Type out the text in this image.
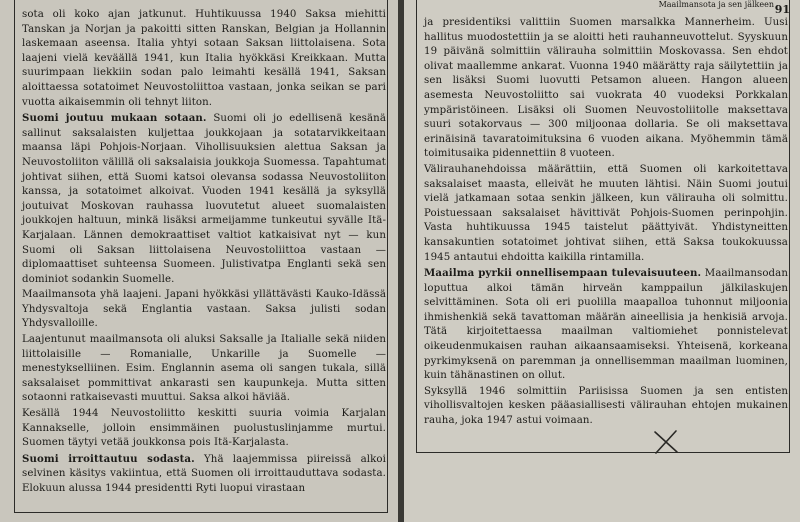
sota oli koko ajan jatkunut. Huhtikuussa 1940 Saksa miehitti Tanskan ja Norjan ja pakoitti sitten Ranskan, Belgian ja Hollannin laskemaan aseensa. Italia yhtyi sotaan Saksan liittolaisena. Sota laajeni vielä keväällä 1941, kun Italia hyökkäsi Kreikkaan. Mutta suurimpaan liekkiin sodan palo leimahti kesällä 1941, Saksan aloittaessa sotatoimet Neuvostoliittoa vastaan, jonka seikan se pari vuotta aikaisemmin oli tehnyt liiton.

Suomi joutuu mukaan sotaan. Suomi oli jo edellisenä kesänä sallinut saksalaisten kuljettaa joukkojaan ja sotatarvikkeitaan maansa läpi Pohjois-Norjaan. Vihollisuuksien alettua Saksan ja Neuvostoliiton välillä oli saksalaisia joukkoja Suomessa. Tapahtumat johtivat siihen, että Suomi katsoi olevansa sodassa Neuvostoliiton kanssa, ja sotatoimet alkoivat. Vuoden 1941 kesällä ja syksyllä joutuivat Moskovan rauhassa luovutetut alueet suomalaisten joukkojen haltuun, minkä lisäksi armeijamme tunkeutui syvälle Itä-Karjalaan. Lännen demokraattiset valtiot katkaisivat nyt — kun Suomi oli Saksan liittolaisena Neuvostoliittoa vastaan — diplomaattiset suhteensa Suomeen. Julistivatpa Englanti sekä sen dominiot sodankin Suomelle.

Maailmansota yhä laajeni. Japani hyökkäsi yllättävästi Kauko-Idässä Yhdysvaltoja sekä Englantia vastaan. Saksa julisti sodan Yhdysvalloille.

Laajentunut maailmansota oli aluksi Saksalle ja Italialle sekä niiden liittolaisille — Romanialle, Unkarille ja Suomelle — menestykselliinen. Esim. Englannin asema oli sangen tukala, sillä saksalaiset pommittivat ankarasti sen kaupunkeja. Mutta sitten sotaonni ratkaisevasti muuttui. Saksa alkoi häviää.

Kesällä 1944 Neuvostoliitto keskitti suuria voimia Karjalan Kannakselle, jolloin ensimmäinen puolustuslinjamme murtui. Suomen täytyi vetää joukkonsa pois Itä-Karjalasta.

Suomi irroittautuu sodasta. Yhä laajemmissa piireissä alkoi selvinen käsitys vakiintua, että Suomen oli irroittauduttava sodasta. Elokuun alussa 1944 presidentti Ryti luopui virastaan

Maailmansota ja sen jälkeen 91

ja presidentiksi valittiin Suomen marsalkka Mannerheim. Uusi hallitus muodostettiin ja se aloitti heti rauhanneuvottelut. Syyskuun 19 päivänä solmittiin välirauha solmittiin Moskovassa. Sen ehdot olivat maallemme ankarat. Vuonna 1940 määrätty raja säilytettiin ja sen lisäksi Suomi luovutti Petsamon alueen. Hangon alueen asemesta Neuvostoliitto sai vuokrata 40 vuodeksi Porkkalan ympäristöineen. Lisäksi oli Suomen Neuvostoliitolle maksettava suuri sotakorvaus — 300 miljoonaa dollaria. Se oli maksettava erinäisinä tavaratoimituksina 6 vuoden aikana. Myöhemmin tämä toimitusaika pidennettiin 8 vuoteen.

Välirauhanehdoissa määrättiin, että Suomen oli karkoitettava saksalaiset maasta, elleivät he muuten lähtisi. Näin Suomi joutui vielä jatkamaan sotaa senkin jälkeen, kun välirauha oli solmittu. Poistuessaan saksalaiset hävittivät Pohjois-Suomen perinpohjin. Vasta huhtikuussa 1945 taistelut päättyivät. Yhdistyneitten kansakuntien sotatoimet johtivat siihen, että Saksa toukokuussa 1945 antautui ehdoitta kaikilla rintamilla.

Maailma pyrkii onnellisempaan tulevaisuuteen. Maailmansodan loputtua alkoi tämän hirveän kamppailun jälkilaskujen selvittäminen. Sota oli eri puolilla maapalloa tuhonnut miljoonia ihmishenkiä sekä tavattoman määrän aineellisia ja henkisiä arvoja. Tätä kirjoitettaessa maailman valtiomiehet ponnistelevat oikeudenmukaisen rauhan aikaansaamiseksi. Yhteisenä, korkeana pyrkimyksenä on paremman ja onnellisemman maailman luominen, kuin tähänastinen on ollut.

Syksyllä 1946 solmittiin Pariisissa Suomen ja sen entisten vihollisvaltojen kesken pääasiallisesti välirauhan ehtojen mukainen rauha, joka 1947 astui voimaan.
